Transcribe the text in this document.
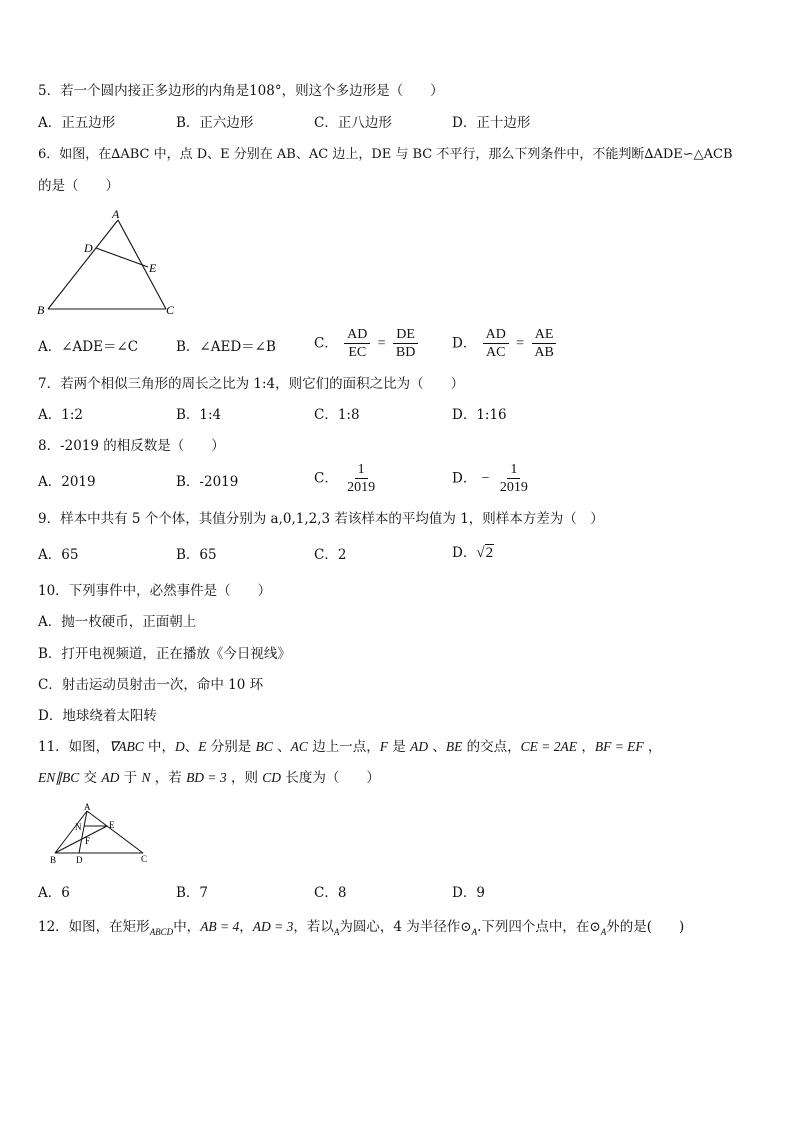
5．若一个圆内接正多边形的内角是108°，则这个多边形是（　　）
A．正五边形	B．正六边形	C．正八边形	D．正十边形
6．如图，在∆ABC 中，点 D、E 分别在 AB、AC 边上，DE 与 BC 不平行，那么下列条件中，不能判断∆ADE∽△ACB
的是（　　）
A
D
E
B	C
A．∠ADE＝∠C	B．∠AED＝∠B	C． $\frac{AD}{EC} = \frac{DE}{BD}$ D． $\frac{AD}{AC} = \frac{AE}{AB}$
7．若两个相似三角形的周长之比为 1:4，则它们的面积之比为（　　）
A．1:2	B．1:4	C．1:8	D．1:16
8．-2019 的相反数是（　　）
A．2019	B．-2019	C． $\frac{1}{2019}$	D． − $\frac{1}{2019}$
9．样本中共有 5 个个体，其值分别为 a,0,1,2,3 若该样本的平均值为 1，则样本方差为（　）
A．65	B．65	C．2	D．√2
10．下列事件中，必然事件是（　　）
A．抛一枚硬币，正面朝上
B．打开电视频道，正在播放《今日视线》
C．射击运动员射击一次，命中 10 环
D．地球绕着太阳转
11．如图，∇ABC 中，D、E 分别是 BC 、AC 边上一点，F 是 AD 、BE 的交点，CE = 2AE ，BF = EF ，
EN∥BC 交 AD 于 N ，若 BD = 3 ，则 CD 长度为（　　）
A
N	E
F
B D	C
A．6	B．7	C．8	D．9
12．如图，在矩形$_{ABCD}$中，AB = 4，AD = 3，若以$_A$为圆心，4 为半径作$⊙_A$.下列四个点中，在$⊙_A$外的是(　　)
